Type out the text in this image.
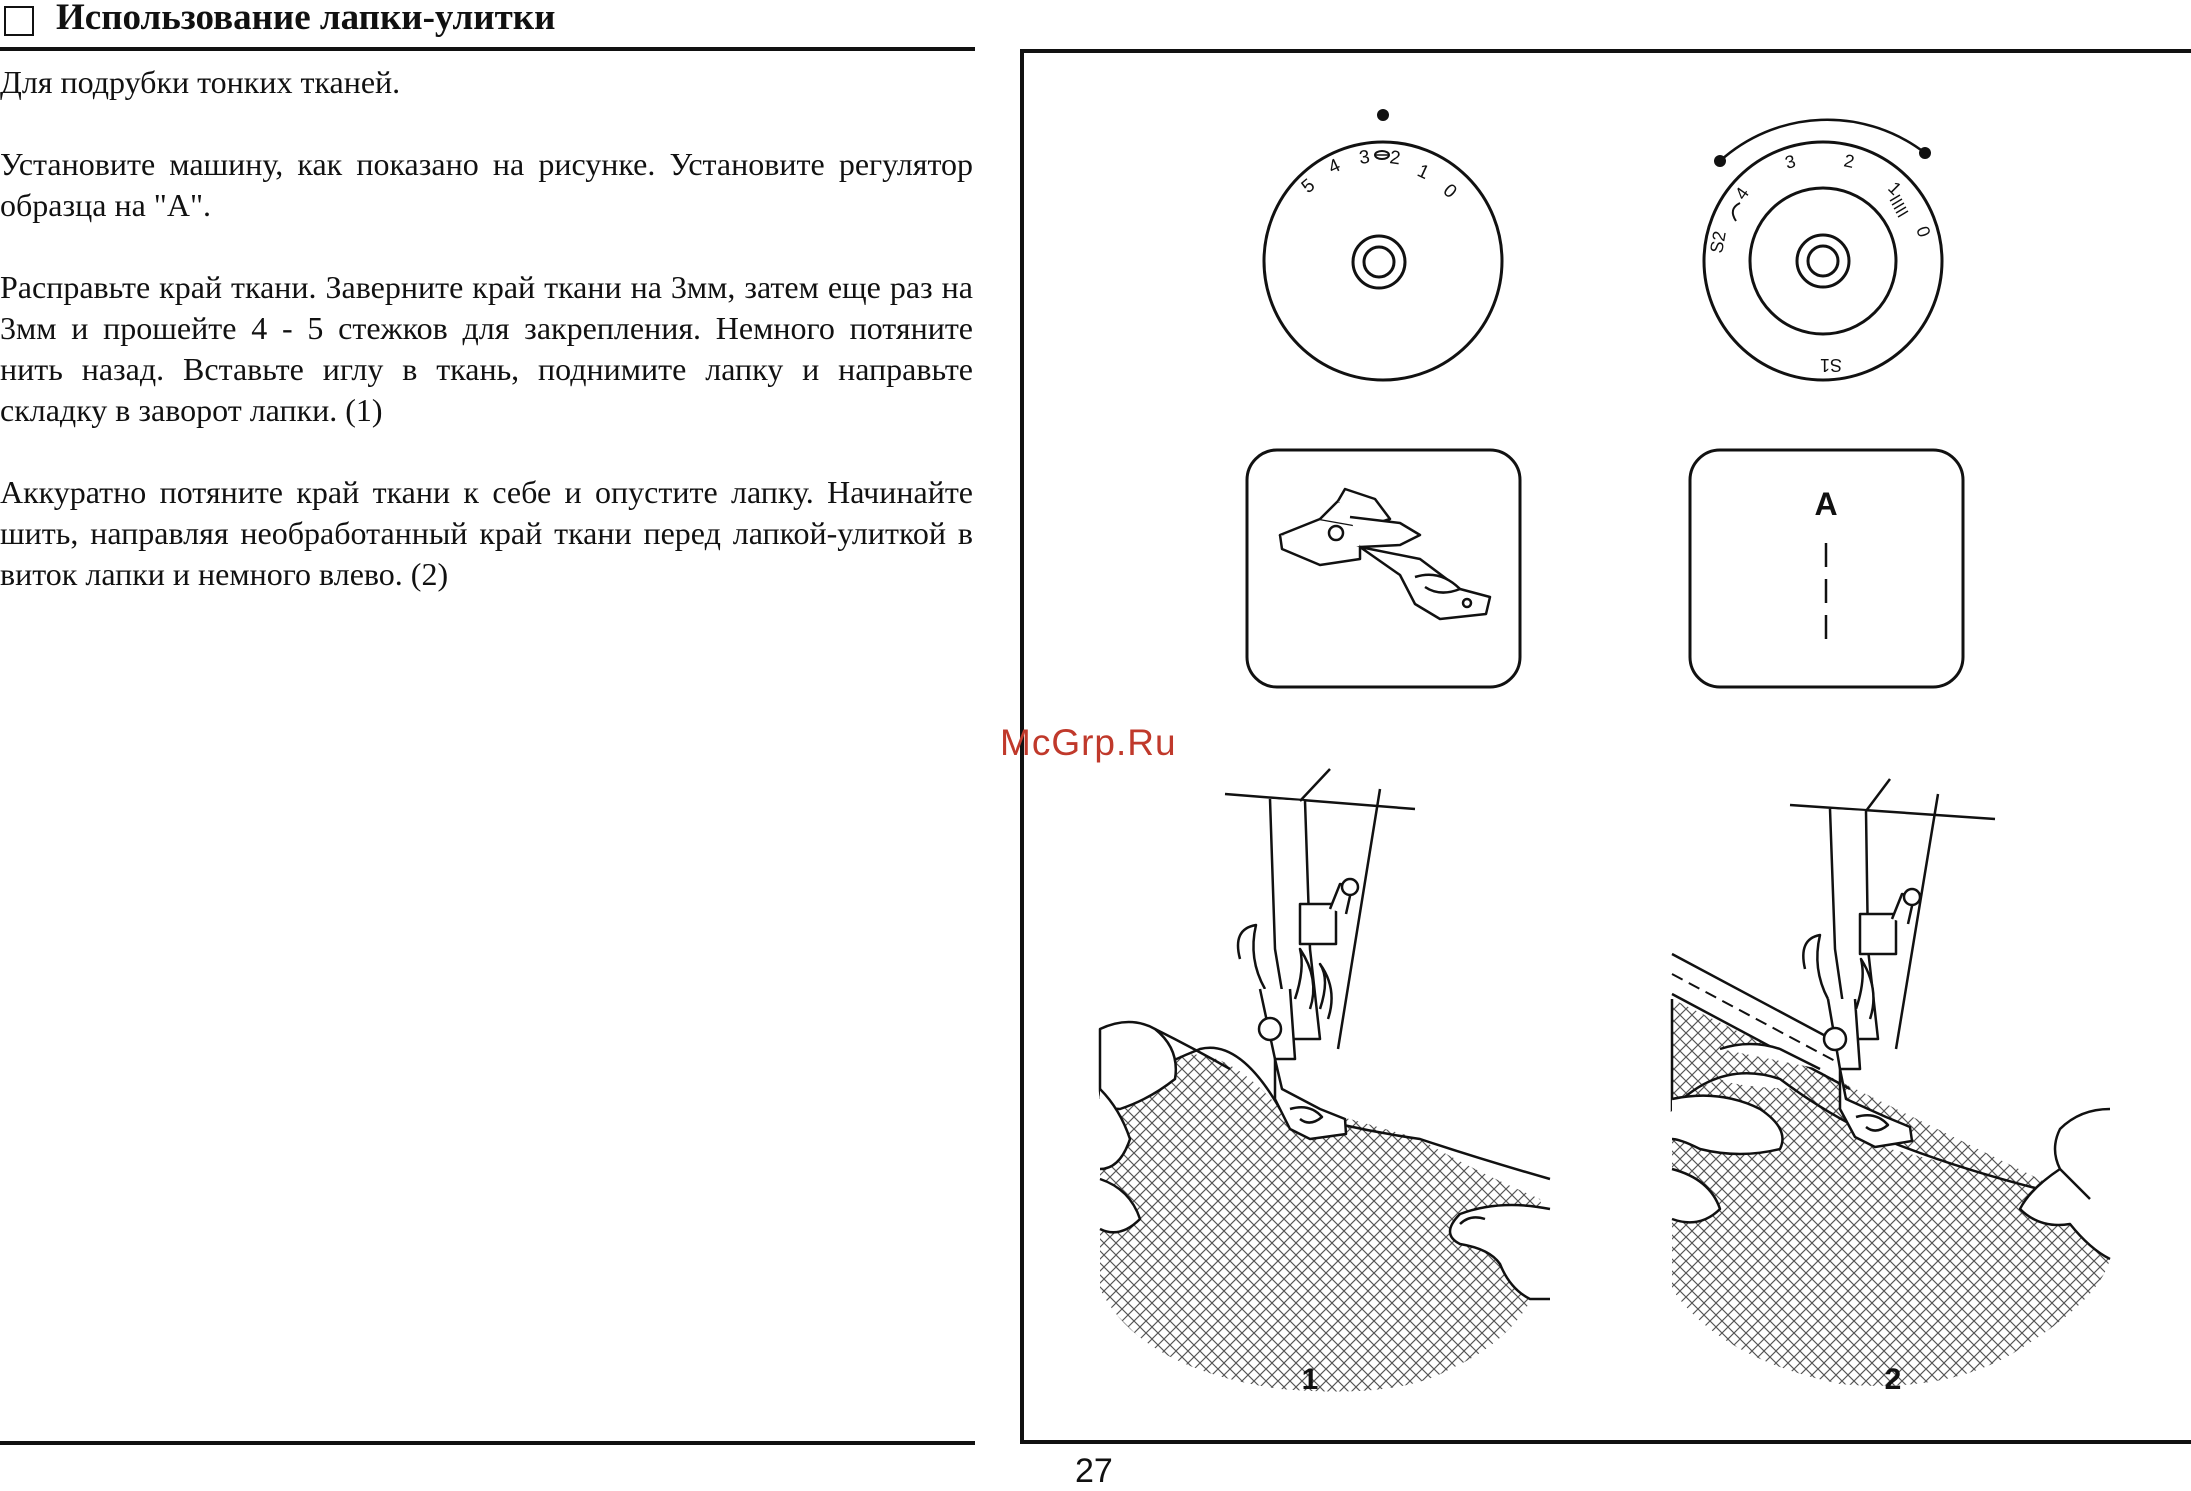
Использование лапки-улитки

Для подрубки тонких тканей.

Установите машину, как показано на рисунке. Установите регулятор образца на "А".

Расправьте край ткани. Заверните край ткани на 3мм, затем еще раз на 3мм и прошейте 4 - 5 стежков для закрепления. Немного потяните нить назад. Вставьте иглу в ткань, поднимите лапку и направьте складку в заворот лапки. (1)

Аккуратно потяните край ткани к себе и опустите лапку. Начинайте шить, направляя необработанный край ткани перед лапкой-улиткой в виток лапки и немного влево. (2)

5
4 3 2
1
0
S2
4
3 2
1
0
S1
A
1	2
McGrp.Ru
27
